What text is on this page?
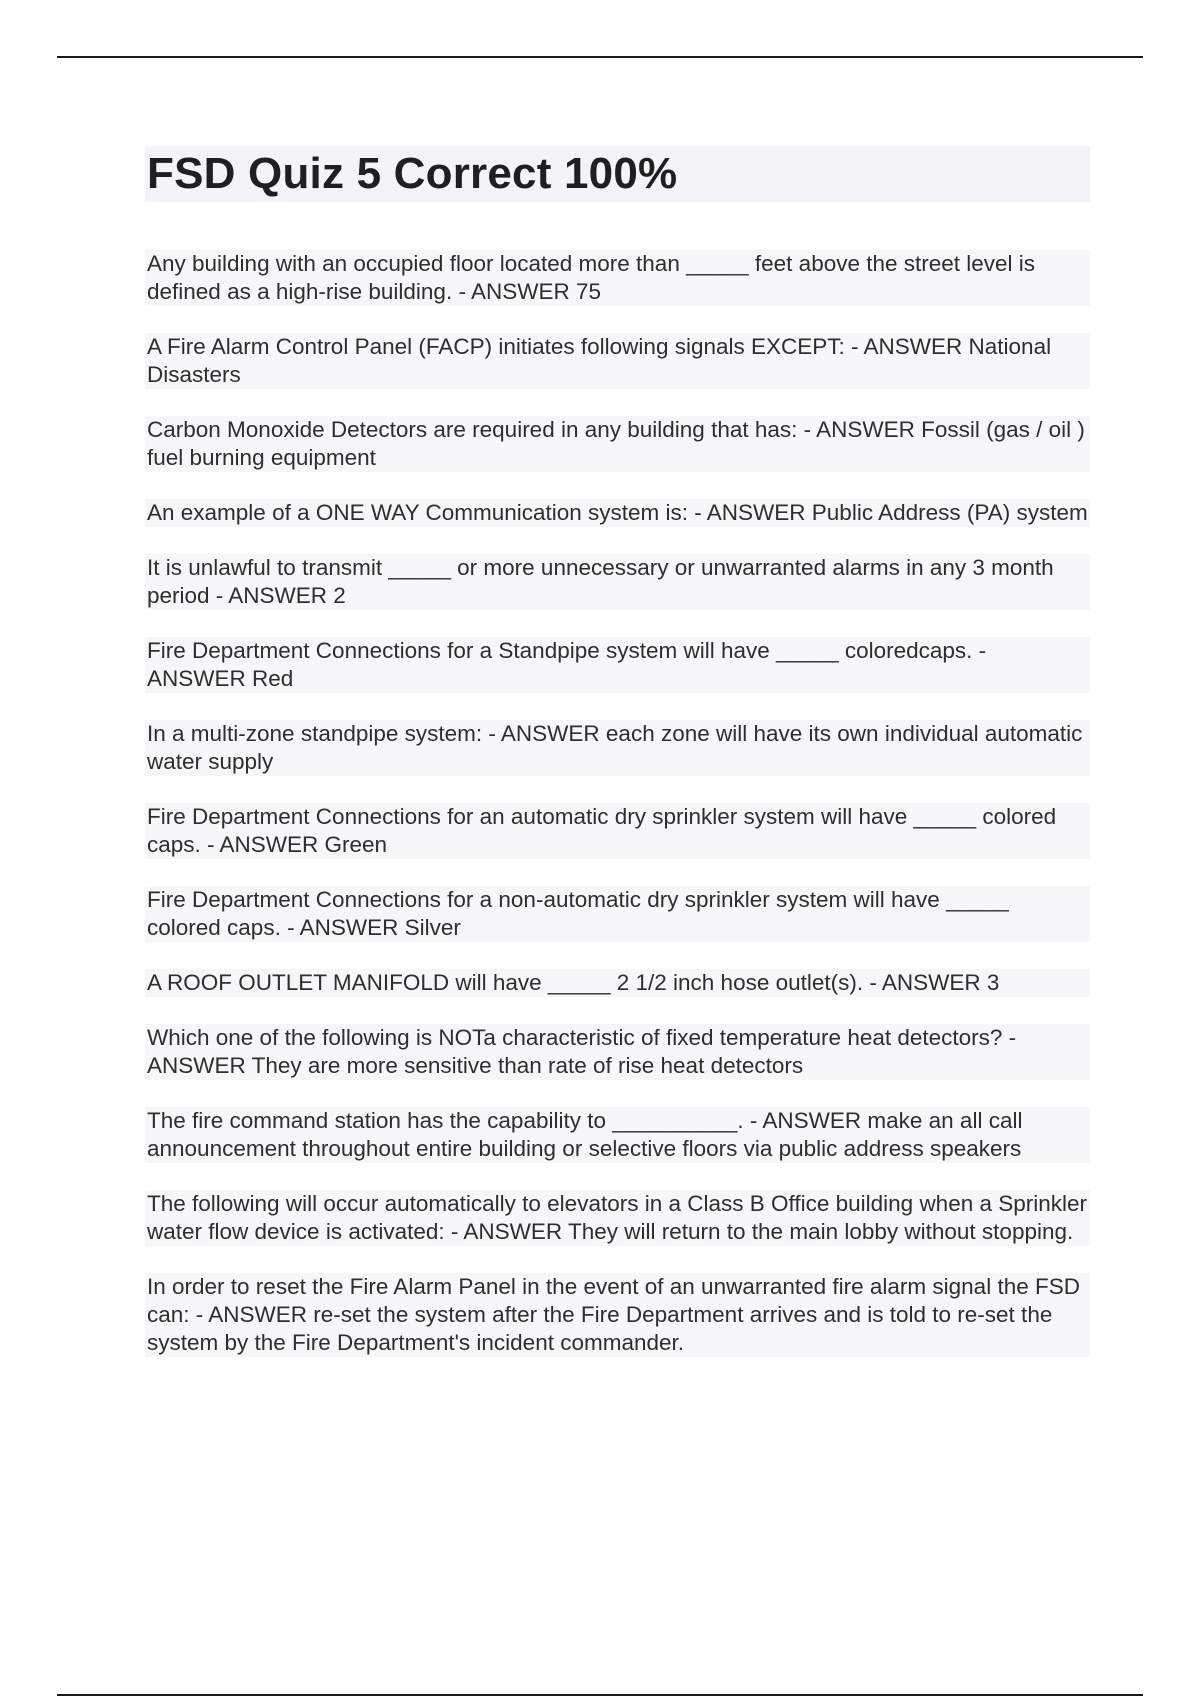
FSD Quiz 5 Correct 100%

Any building with an occupied floor located more than _____ feet above the street level is defined as a high-rise building. - ANSWER 75

A Fire Alarm Control Panel (FACP) initiates following signals EXCEPT: - ANSWER National Disasters

Carbon Monoxide Detectors are required in any building that has: - ANSWER Fossil (gas / oil ) fuel burning equipment

An example of a ONE WAY Communication system is: - ANSWER Public Address (PA) system

It is unlawful to transmit _____ or more unnecessary or unwarranted alarms in any 3 month period - ANSWER 2

Fire Department Connections for a Standpipe system will have _____ coloredcaps. - ANSWER Red

In a multi-zone standpipe system: - ANSWER each zone will have its own individual automatic water supply

Fire Department Connections for an automatic dry sprinkler system will have _____ colored caps. - ANSWER Green

Fire Department Connections for a non-automatic dry sprinkler system will have _____ colored caps. - ANSWER Silver

A ROOF OUTLET MANIFOLD will have _____ 2 1/2 inch hose outlet(s). - ANSWER 3

Which one of the following is NOTa characteristic of fixed temperature heat detectors? - ANSWER They are more sensitive than rate of rise heat detectors

The fire command station has the capability to __________. - ANSWER make an all call announcement throughout entire building or selective floors via public address speakers

The following will occur automatically to elevators in a Class B Office building when a Sprinkler water flow device is activated: - ANSWER They will return to the main lobby without stopping.

In order to reset the Fire Alarm Panel in the event of an unwarranted fire alarm signal the FSD can: - ANSWER re-set the system after the Fire Department arrives and is told to re-set the system by the Fire Department's incident commander.
